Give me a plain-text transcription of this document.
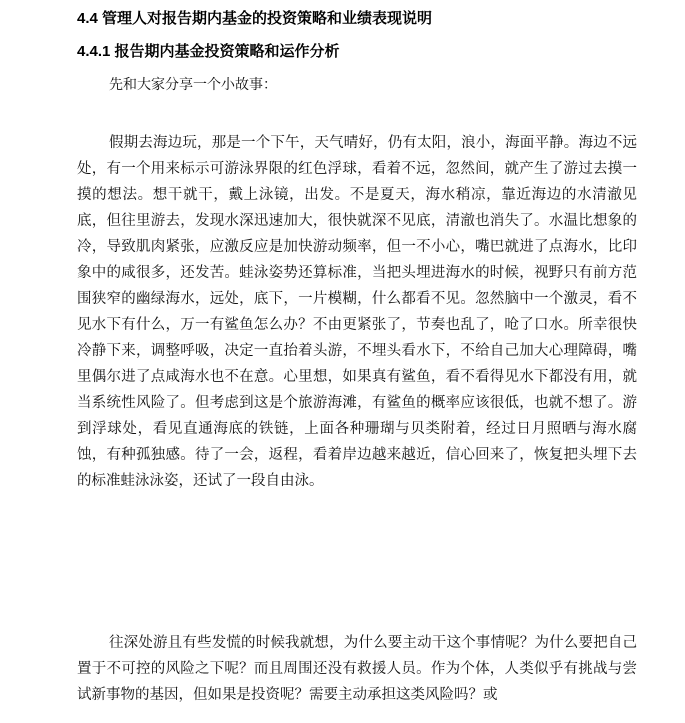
4.4 管理人对报告期内基金的投资策略和业绩表现说明
4.4.1 报告期内基金投资策略和运作分析
先和大家分享一个小故事：

假期去海边玩，那是一个下午，天气晴好，仍有太阳，浪小，海面平静。海边不远处，有一个用来标示可游泳界限的红色浮球，看着不远，忽然间，就产生了游过去摸一摸的想法。想干就干，戴上泳镜，出发。不是夏天，海水稍凉，靠近海边的水清澈见底，但往里游去，发现水深迅速加大，很快就深不见底，清澈也消失了。水温比想象的冷，导致肌肉紧张，应激反应是加快游动频率，但一不小心，嘴巴就进了点海水，比印象中的咸很多，还发苦。蛙泳姿势还算标准，当把头埋进海水的时候，视野只有前方范围狭窄的幽绿海水，远处，底下，一片模糊，什么都看不见。忽然脑中一个激灵，看不见水下有什么，万一有鲨鱼怎么办？不由更紧张了，节奏也乱了，呛了口水。所幸很快冷静下来，调整呼吸，决定一直抬着头游，不埋头看水下，不给自己加大心理障碍，嘴里偶尔进了点咸海水也不在意。心里想，如果真有鲨鱼，看不看得见水下都没有用，就当系统性风险了。但考虑到这是个旅游海滩，有鲨鱼的概率应该很低，也就不想了。游到浮球处，看见直通海底的铁链，上面各种珊瑚与贝类附着，经过日月照晒与海水腐蚀，有种孤独感。待了一会，返程，看着岸边越来越近，信心回来了，恢复把头埋下去的标准蛙泳泳姿，还试了一段自由泳。

往深处游且有些发慌的时候我就想，为什么要主动干这个事情呢？为什么要把自己置于不可控的风险之下呢？而且周围还没有救援人员。作为个体，人类似乎有挑战与尝试新事物的基因，但如果是投资呢？需要主动承担这类风险吗？或
